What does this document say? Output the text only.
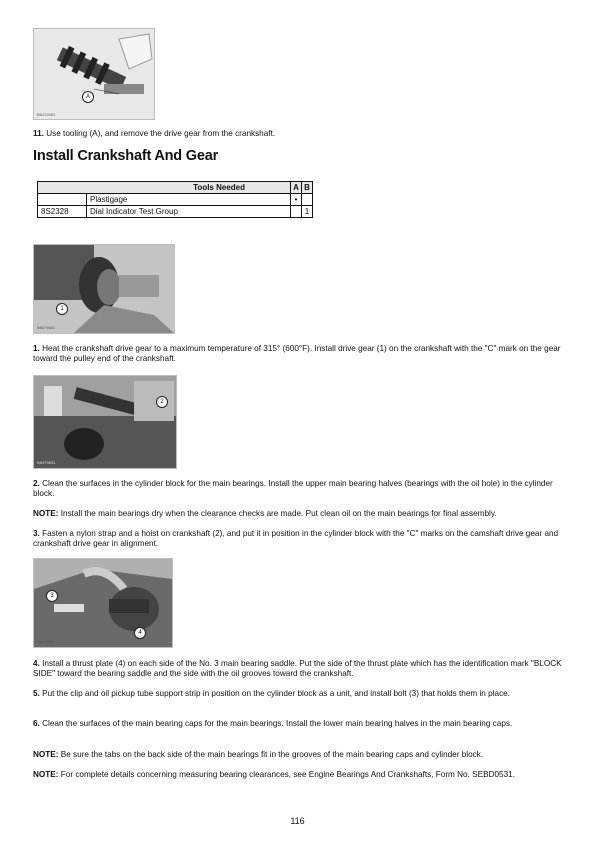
A
B6479081

11. Use tooling (A), and remove the drive gear from the crankshaft.

Install Crankshaft And Gear
Tools Needed		A	B
	Plastigage	•	
8S2328	Dial Indicator Test Group		1
1
B6479831

1. Heat the crankshaft drive gear to a maximum temperature of 315° (600°F). Install drive gear (1) on the crankshaft with the "C" mark on the gear toward the pulley end of the crankshaft.

2
B6479831

2. Clean the surfaces in the cylinder block for the main bearings. Install the upper main bearing halves (bearings with the oil hole) in the cylinder block.

NOTE: Install the main bearings dry when the clearance checks are made. Put clean oil on the main bearings for final assembly.

3. Fasten a nylon strap and a hoist on crankshaft (2), and put it in position in the cylinder block with the "C" marks on the camshaft drive gear and crankshaft drive gear in alignment.

3
4
B6479831

4. Install a thrust plate (4) on each side of the No. 3 main bearing saddle. Put the side of the thrust plate which has the identification mark "BLOCK SIDE" toward the bearing saddle and the side with the oil grooves toward the crankshaft.

5. Put the clip and oil pickup tube support strip in position on the cylinder block as a unit, and install bolt (3) that holds them in place.

6. Clean the surfaces of the main bearing caps for the main bearings. Install the lower main bearing halves in the main bearing caps.

NOTE: Be sure the tabs on the back side of the main bearings fit in the grooves of the main bearing caps and cylinder block.

NOTE: For complete details concerning measuring bearing clearances, see Engine Bearings And Crankshafts, Form No. SEBD0531.

116
